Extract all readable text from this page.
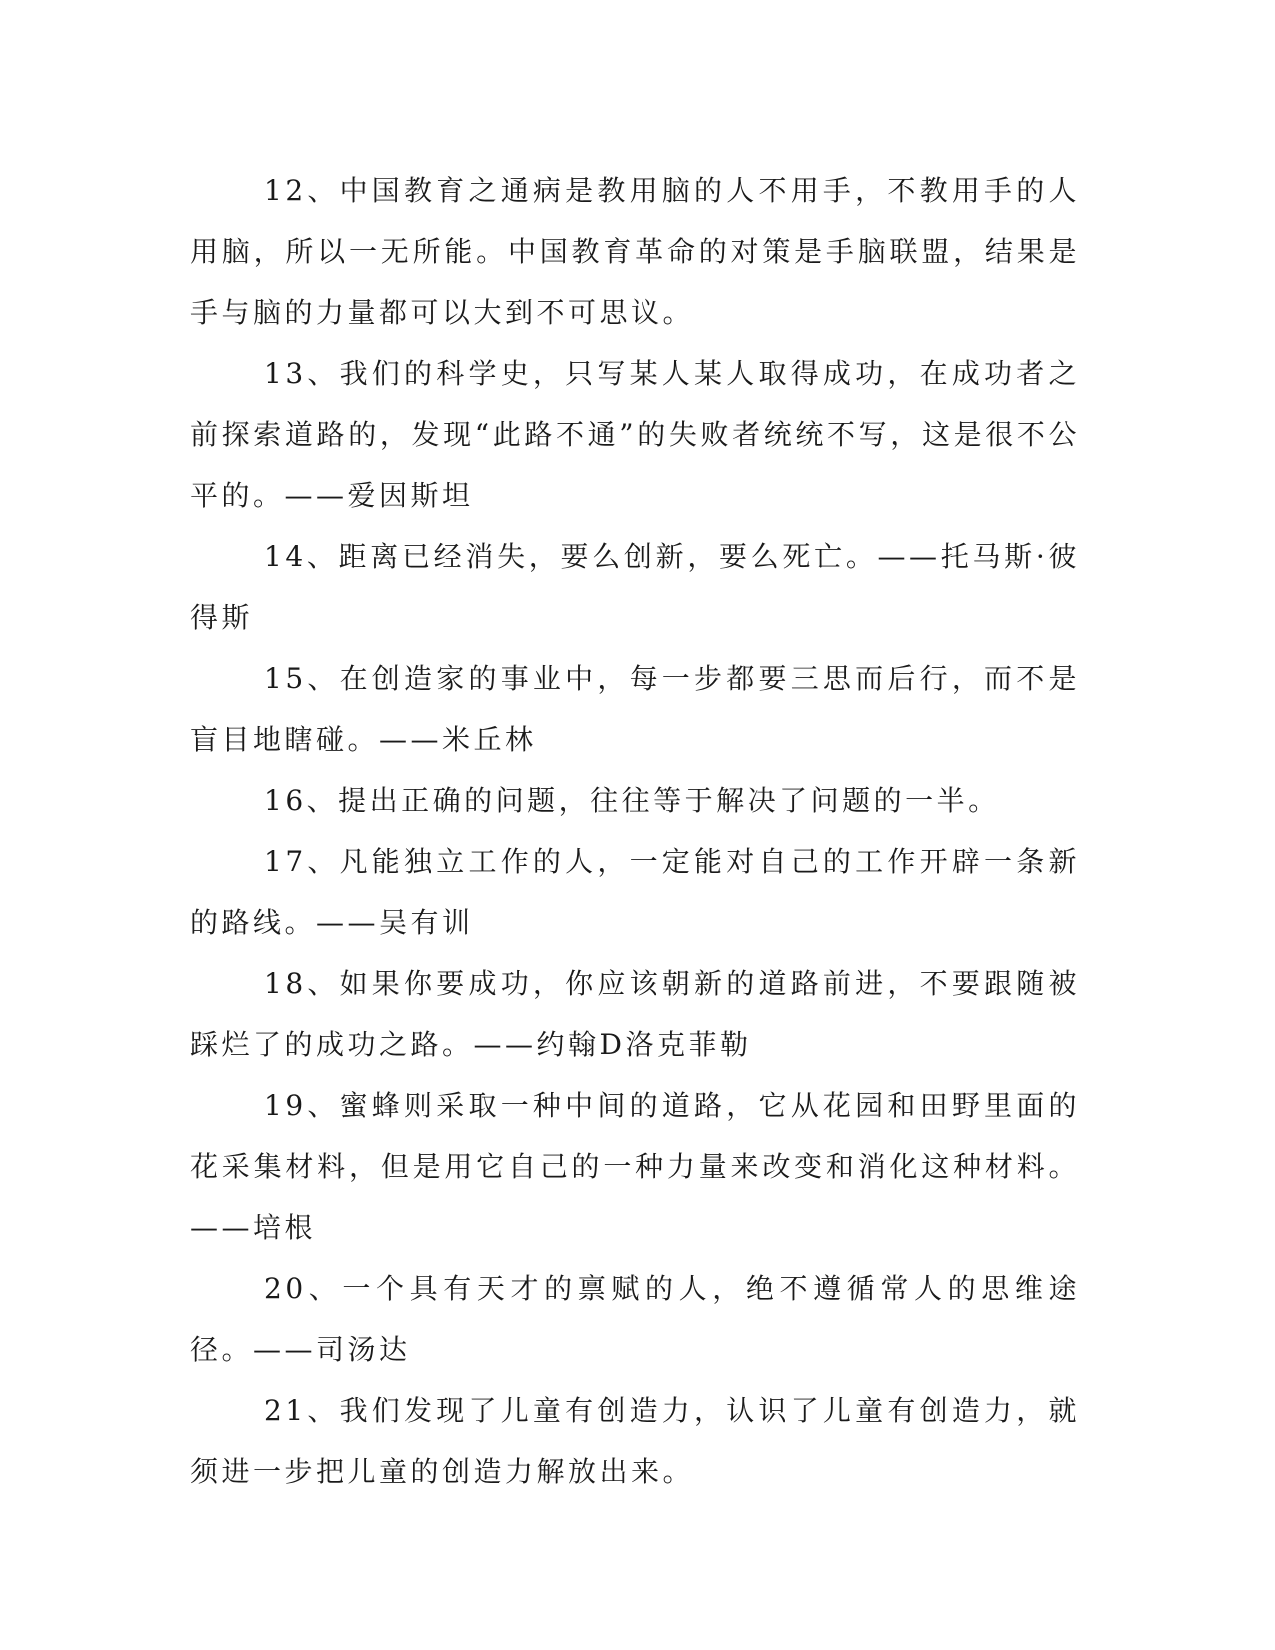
12、中国教育之通病是教用脑的人不用手，不教用手的人用脑，所以一无所能。中国教育革命的对策是手脑联盟，结果是手与脑的力量都可以大到不可思议。

13、我们的科学史，只写某人某人取得成功，在成功者之前探索道路的，发现“此路不通”的失败者统统不写，这是很不公平的。——爱因斯坦

14、距离已经消失，要么创新，要么死亡。——托马斯·彼得斯

15、在创造家的事业中，每一步都要三思而后行，而不是盲目地瞎碰。——米丘林

16、提出正确的问题，往往等于解决了问题的一半。

17、凡能独立工作的人，一定能对自己的工作开辟一条新的路线。——吴有训

18、如果你要成功，你应该朝新的道路前进，不要跟随被踩烂了的成功之路。——约翰D洛克菲勒

19、蜜蜂则采取一种中间的道路，它从花园和田野里面的花采集材料，但是用它自己的一种力量来改变和消化这种材料。——培根

20、一个具有天才的禀赋的人，绝不遵循常人的思维途径。——司汤达

21、我们发现了儿童有创造力，认识了儿童有创造力，就须进一步把儿童的创造力解放出来。
